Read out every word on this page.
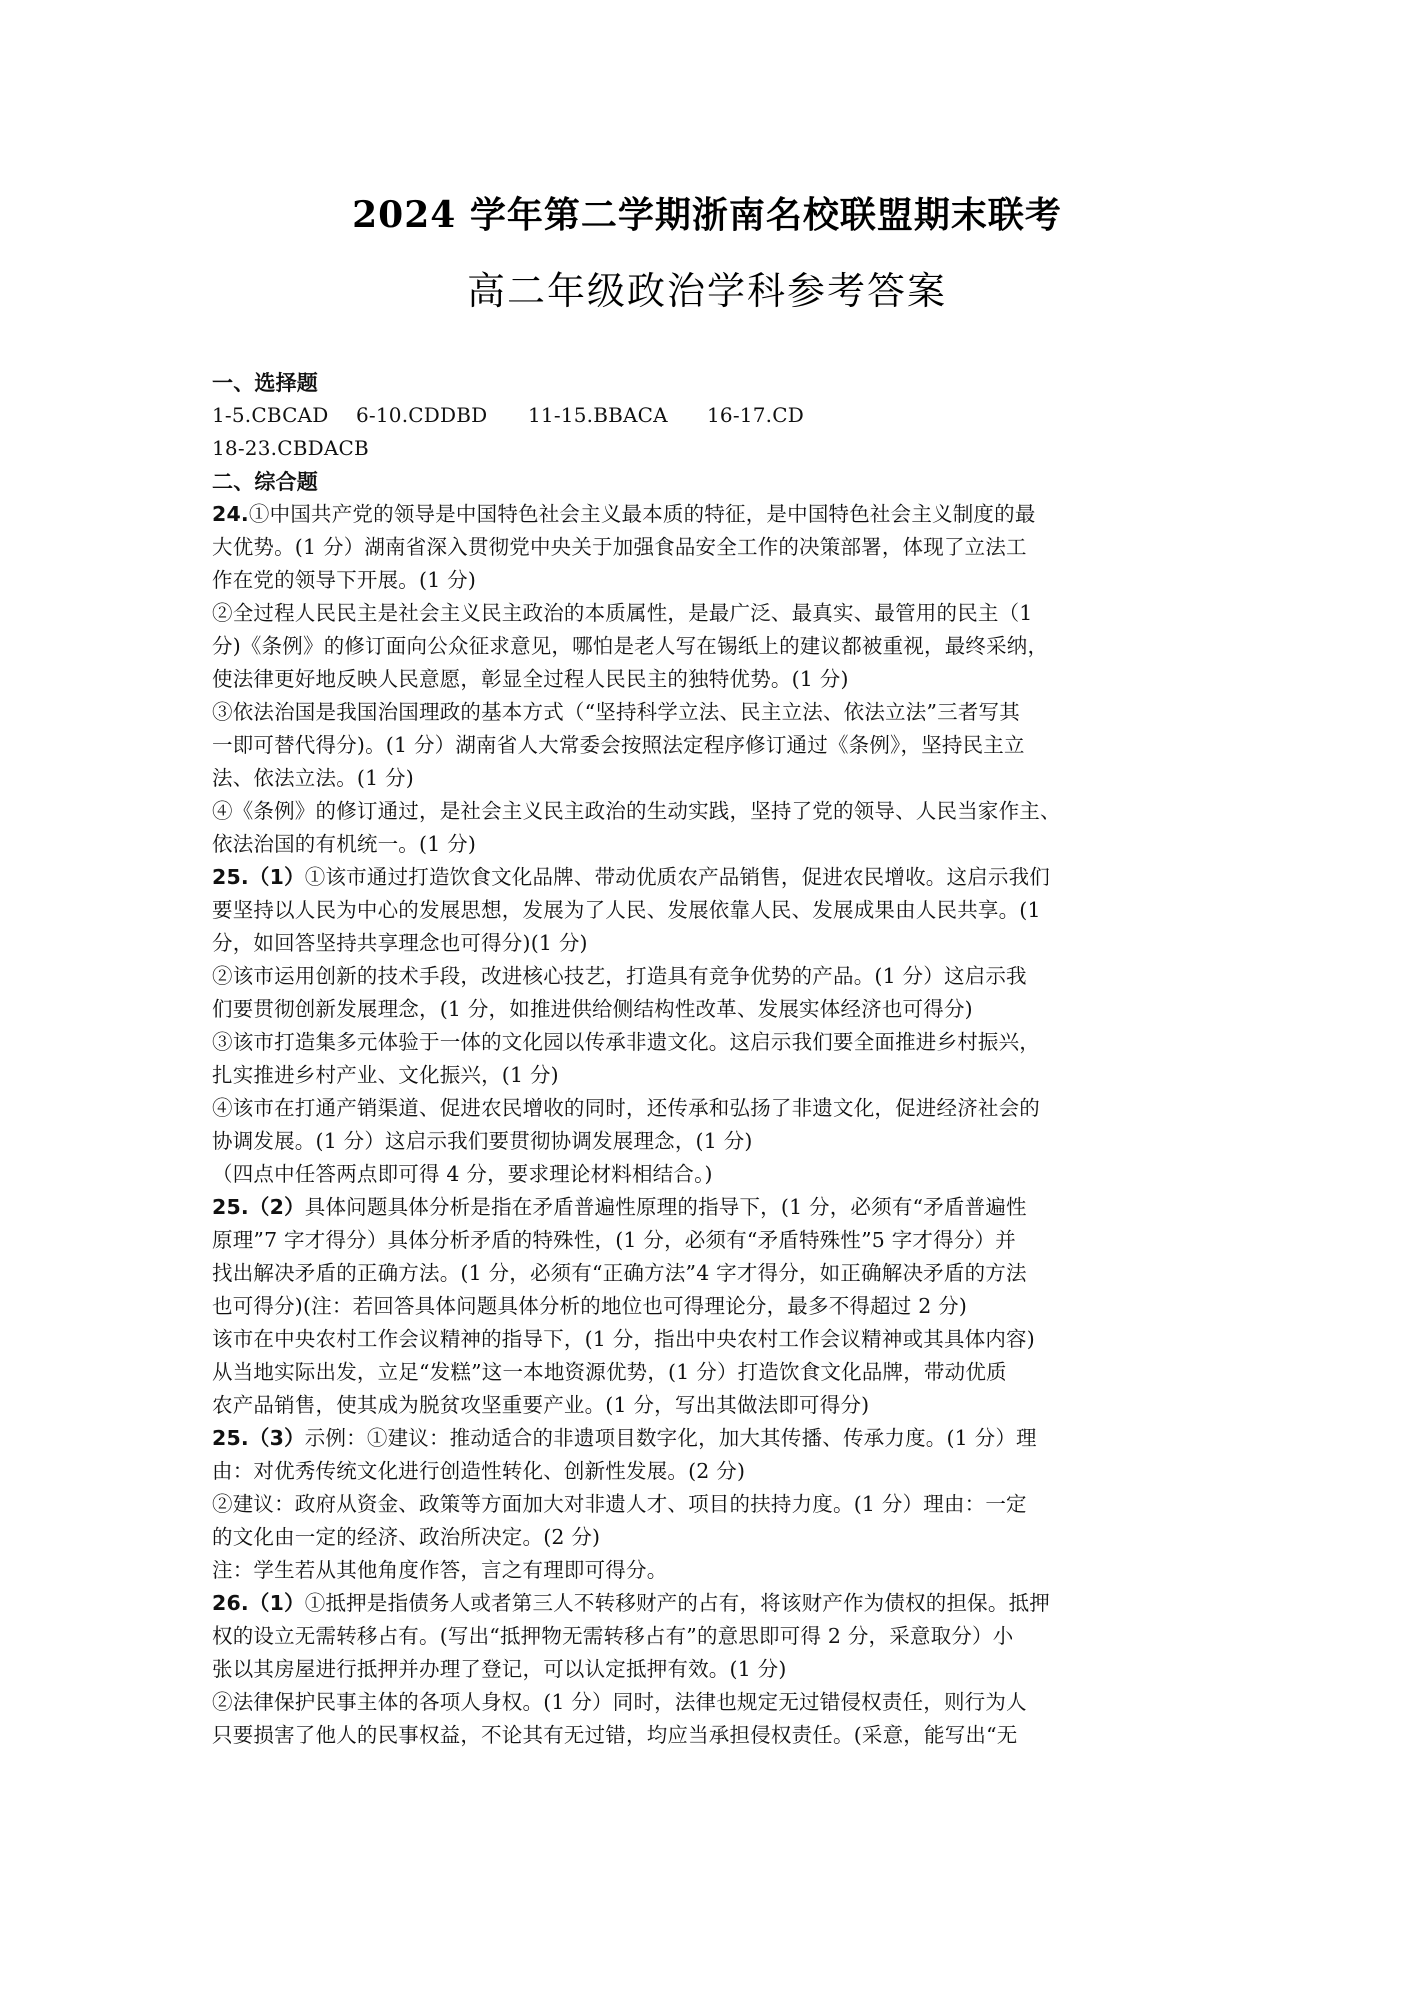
2024 学年第二学期浙南名校联盟期末联考
高二年级政治学科参考答案
一、选择题
1-5.CBCAD 6-10.CDDBD 11-15.BBACA 16-17.CD
18-23.CBDACB
二、综合题
24.①中国共产党的领导是中国特色社会主义最本质的特征，是中国特色社会主义制度的最
大优势。(1 分）湖南省深入贯彻党中央关于加强食品安全工作的决策部署，体现了立法工
作在党的领导下开展。(1 分)
②全过程人民民主是社会主义民主政治的本质属性，是最广泛、最真实、最管用的民主（1
分)《条例》的修订面向公众征求意见，哪怕是老人写在锡纸上的建议都被重视，最终采纳，
使法律更好地反映人民意愿，彰显全过程人民民主的独特优势。(1 分)
③依法治国是我国治国理政的基本方式（“坚持科学立法、民主立法、依法立法”三者写其
一即可替代得分)。(1 分）湖南省人大常委会按照法定程序修订通过《条例》，坚持民主立
法、依法立法。(1 分)
④《条例》的修订通过，是社会主义民主政治的生动实践，坚持了党的领导、人民当家作主、
依法治国的有机统一。(1 分)
25.（1）①该市通过打造饮食文化品牌、带动优质农产品销售，促进农民增收。这启示我们
要坚持以人民为中心的发展思想，发展为了人民、发展依靠人民、发展成果由人民共享。(1
分，如回答坚持共享理念也可得分)(1 分)
②该市运用创新的技术手段，改进核心技艺，打造具有竞争优势的产品。(1 分）这启示我
们要贯彻创新发展理念，(1 分，如推进供给侧结构性改革、发展实体经济也可得分)
③该市打造集多元体验于一体的文化园以传承非遗文化。这启示我们要全面推进乡村振兴，
扎实推进乡村产业、文化振兴，(1 分)
④该市在打通产销渠道、促进农民增收的同时，还传承和弘扬了非遗文化，促进经济社会的
协调发展。(1 分）这启示我们要贯彻协调发展理念，(1 分)
（四点中任答两点即可得 4 分，要求理论材料相结合。)
25.（2）具体问题具体分析是指在矛盾普遍性原理的指导下，(1 分，必须有“矛盾普遍性
原理”7 字才得分）具体分析矛盾的特殊性，(1 分，必须有“矛盾特殊性”5 字才得分）并
找出解决矛盾的正确方法。(1 分，必须有“正确方法”4 字才得分，如正确解决矛盾的方法
也可得分)(注：若回答具体问题具体分析的地位也可得理论分，最多不得超过 2 分)
该市在中央农村工作会议精神的指导下，(1 分，指出中央农村工作会议精神或其具体内容)
从当地实际出发，立足“发糕”这一本地资源优势，(1 分）打造饮食文化品牌，带动优质
农产品销售，使其成为脱贫攻坚重要产业。(1 分，写出其做法即可得分)
25.（3）示例：①建议：推动适合的非遗项目数字化，加大其传播、传承力度。(1 分）理
由：对优秀传统文化进行创造性转化、创新性发展。(2 分)
②建议：政府从资金、政策等方面加大对非遗人才、项目的扶持力度。(1 分）理由：一定
的文化由一定的经济、政治所决定。(2 分)
注：学生若从其他角度作答，言之有理即可得分。
26.（1）①抵押是指债务人或者第三人不转移财产的占有，将该财产作为债权的担保。抵押
权的设立无需转移占有。(写出“抵押物无需转移占有”的意思即可得 2 分，采意取分）小
张以其房屋进行抵押并办理了登记，可以认定抵押有效。(1 分)
②法律保护民事主体的各项人身权。(1 分）同时，法律也规定无过错侵权责任，则行为人
只要损害了他人的民事权益，不论其有无过错，均应当承担侵权责任。(采意，能写出“无
